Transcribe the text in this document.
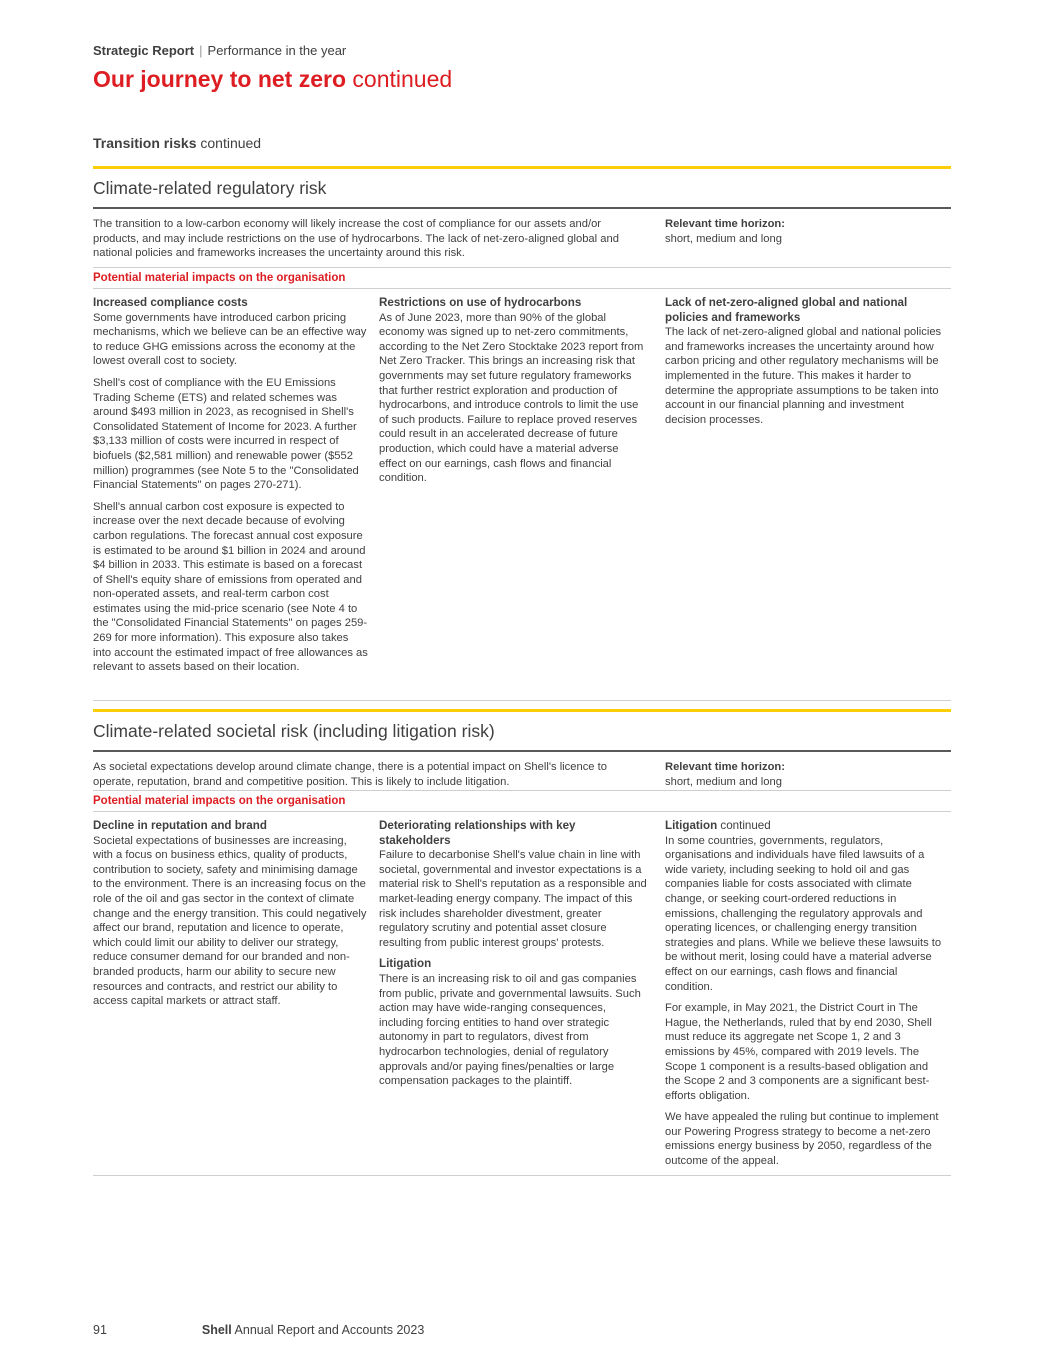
Strategic Report | Performance in the year
Our journey to net zero continued
Transition risks continued
Climate-related regulatory risk
The transition to a low-carbon economy will likely increase the cost of compliance for our assets and/or products, and may include restrictions on the use of hydrocarbons. The lack of net-zero-aligned global and national policies and frameworks increases the uncertainty around this risk.
Relevant time horizon:
short, medium and long
Potential material impacts on the organisation
Increased compliance costs

Some governments have introduced carbon pricing mechanisms, which we believe can be an effective way to reduce GHG emissions across the economy at the lowest overall cost to society.

Shell's cost of compliance with the EU Emissions Trading Scheme (ETS) and related schemes was around $493 million in 2023, as recognised in Shell's Consolidated Statement of Income for 2023. A further $3,133 million of costs were incurred in respect of biofuels ($2,581 million) and renewable power ($552 million) programmes (see Note 5 to the "Consolidated Financial Statements" on pages 270-271).

Shell's annual carbon cost exposure is expected to increase over the next decade because of evolving carbon regulations. The forecast annual cost exposure is estimated to be around $1 billion in 2024 and around $4 billion in 2033. This estimate is based on a forecast of Shell's equity share of emissions from operated and non-operated assets, and real-term carbon cost estimates using the mid-price scenario (see Note 4 to the "Consolidated Financial Statements" on pages 259-269 for more information). This exposure also takes into account the estimated impact of free allowances as relevant to assets based on their location.

Restrictions on use of hydrocarbons

As of June 2023, more than 90% of the global economy was signed up to net-zero commitments, according to the Net Zero Stocktake 2023 report from Net Zero Tracker. This brings an increasing risk that governments may set future regulatory frameworks that further restrict exploration and production of hydrocarbons, and introduce controls to limit the use of such products. Failure to replace proved reserves could result in an accelerated decrease of future production, which could have a material adverse effect on our earnings, cash flows and financial condition.

Lack of net-zero-aligned global and national policies and frameworks

The lack of net-zero-aligned global and national policies and frameworks increases the uncertainty around how carbon pricing and other regulatory mechanisms will be implemented in the future. This makes it harder to determine the appropriate assumptions to be taken into account in our financial planning and investment decision processes.

Climate-related societal risk (including litigation risk)
As societal expectations develop around climate change, there is a potential impact on Shell's licence to operate, reputation, brand and competitive position. This is likely to include litigation.
Relevant time horizon:
short, medium and long
Potential material impacts on the organisation
Decline in reputation and brand

Societal expectations of businesses are increasing, with a focus on business ethics, quality of products, contribution to society, safety and minimising damage to the environment. There is an increasing focus on the role of the oil and gas sector in the context of climate change and the energy transition. This could negatively affect our brand, reputation and licence to operate, which could limit our ability to deliver our strategy, reduce consumer demand for our branded and non-branded products, harm our ability to secure new resources and contracts, and restrict our ability to access capital markets or attract staff.

Deteriorating relationships with key stakeholders

Failure to decarbonise Shell's value chain in line with societal, governmental and investor expectations is a material risk to Shell's reputation as a responsible and market-leading energy company. The impact of this risk includes shareholder divestment, greater regulatory scrutiny and potential asset closure resulting from public interest groups' protests.

Litigation

There is an increasing risk to oil and gas companies from public, private and governmental lawsuits. Such action may have wide-ranging consequences, including forcing entities to hand over strategic autonomy in part to regulators, divest from hydrocarbon technologies, denial of regulatory approvals and/or paying fines/penalties or large compensation packages to the plaintiff.

Litigation continued

In some countries, governments, regulators, organisations and individuals have filed lawsuits of a wide variety, including seeking to hold oil and gas companies liable for costs associated with climate change, or seeking court-ordered reductions in emissions, challenging the regulatory approvals and operating licences, or challenging energy transition strategies and plans. While we believe these lawsuits to be without merit, losing could have a material adverse effect on our earnings, cash flows and financial condition.

For example, in May 2021, the District Court in The Hague, the Netherlands, ruled that by end 2030, Shell must reduce its aggregate net Scope 1, 2 and 3 emissions by 45%, compared with 2019 levels. The Scope 1 component is a results-based obligation and the Scope 2 and 3 components are a significant best-efforts obligation.

We have appealed the ruling but continue to implement our Powering Progress strategy to become a net-zero emissions energy business by 2050, regardless of the outcome of the appeal.

91	Shell Annual Report and Accounts 2023
